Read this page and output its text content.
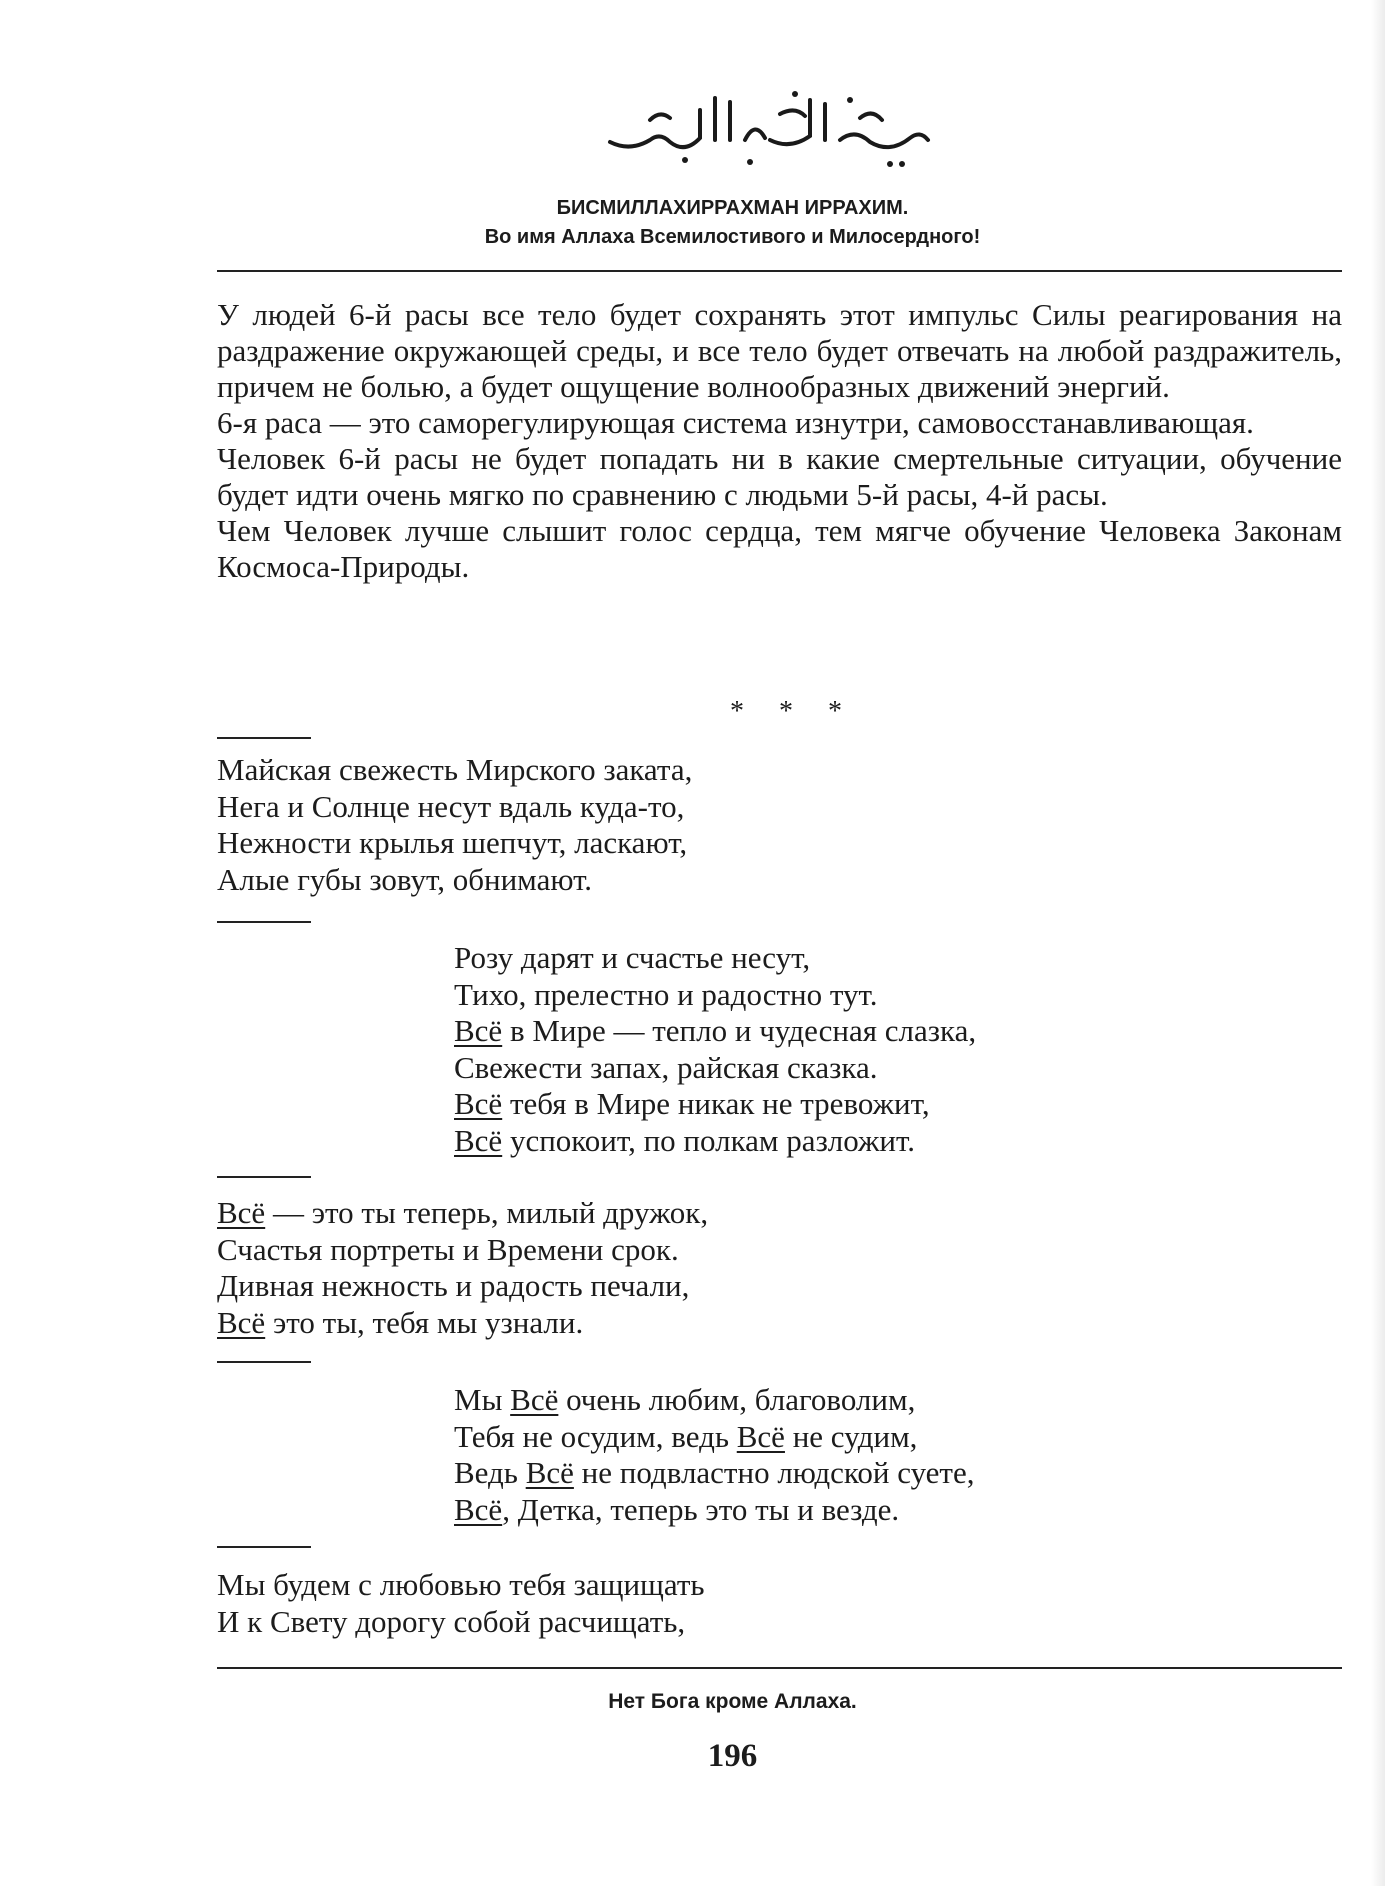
БИСМИЛЛАХИРРАХМАН ИРРАХИМ.
Во имя Аллаха Всемилостивого и Милосердного!

У людей 6-й расы все тело будет сохранять этот импульс Силы реагирования на раздражение окружающей среды, и все тело будет отвечать на любой раздражитель, причем не болью, а будет ощущение волнообразных движений энергий.

6-я раса — это саморегулирующая система изнутри, самовосстанавливающая.

Человек 6-й расы не будет попадать ни в какие смертельные ситуации, обучение будет идти очень мягко по сравнению с людьми 5-й расы, 4-й расы.

Чем Человек лучше слышит голос сердца, тем мягче обучение Человека Законам Космоса-Природы.

* * *
Майская свежесть Мирского заката,
Нега и Солнце несут вдаль куда-то,
Нежности крылья шепчут, ласкают,
Алые губы зовут, обнимают.
Розу дарят и счастье несут,
Тихо, прелестно и радостно тут.
Всё в Мире — тепло и чудесная слазка,
Свежести запах, райская сказка.
Всё тебя в Мире никак не тревожит,
Всё успокоит, по полкам разложит.
Всё — это ты теперь, милый дружок,
Счастья портреты и Времени срок.
Дивная нежность и радость печали,
Всё это ты, тебя мы узнали.
Мы Всё очень любим, благоволим,
Тебя не осудим, ведь Всё не судим,
Ведь Всё не подвластно людской суете,
Всё, Детка, теперь это ты и везде.
Мы будем с любовью тебя защищать
И к Свету дорогу собой расчищать,
Нет Бога кроме Аллаха.
196
